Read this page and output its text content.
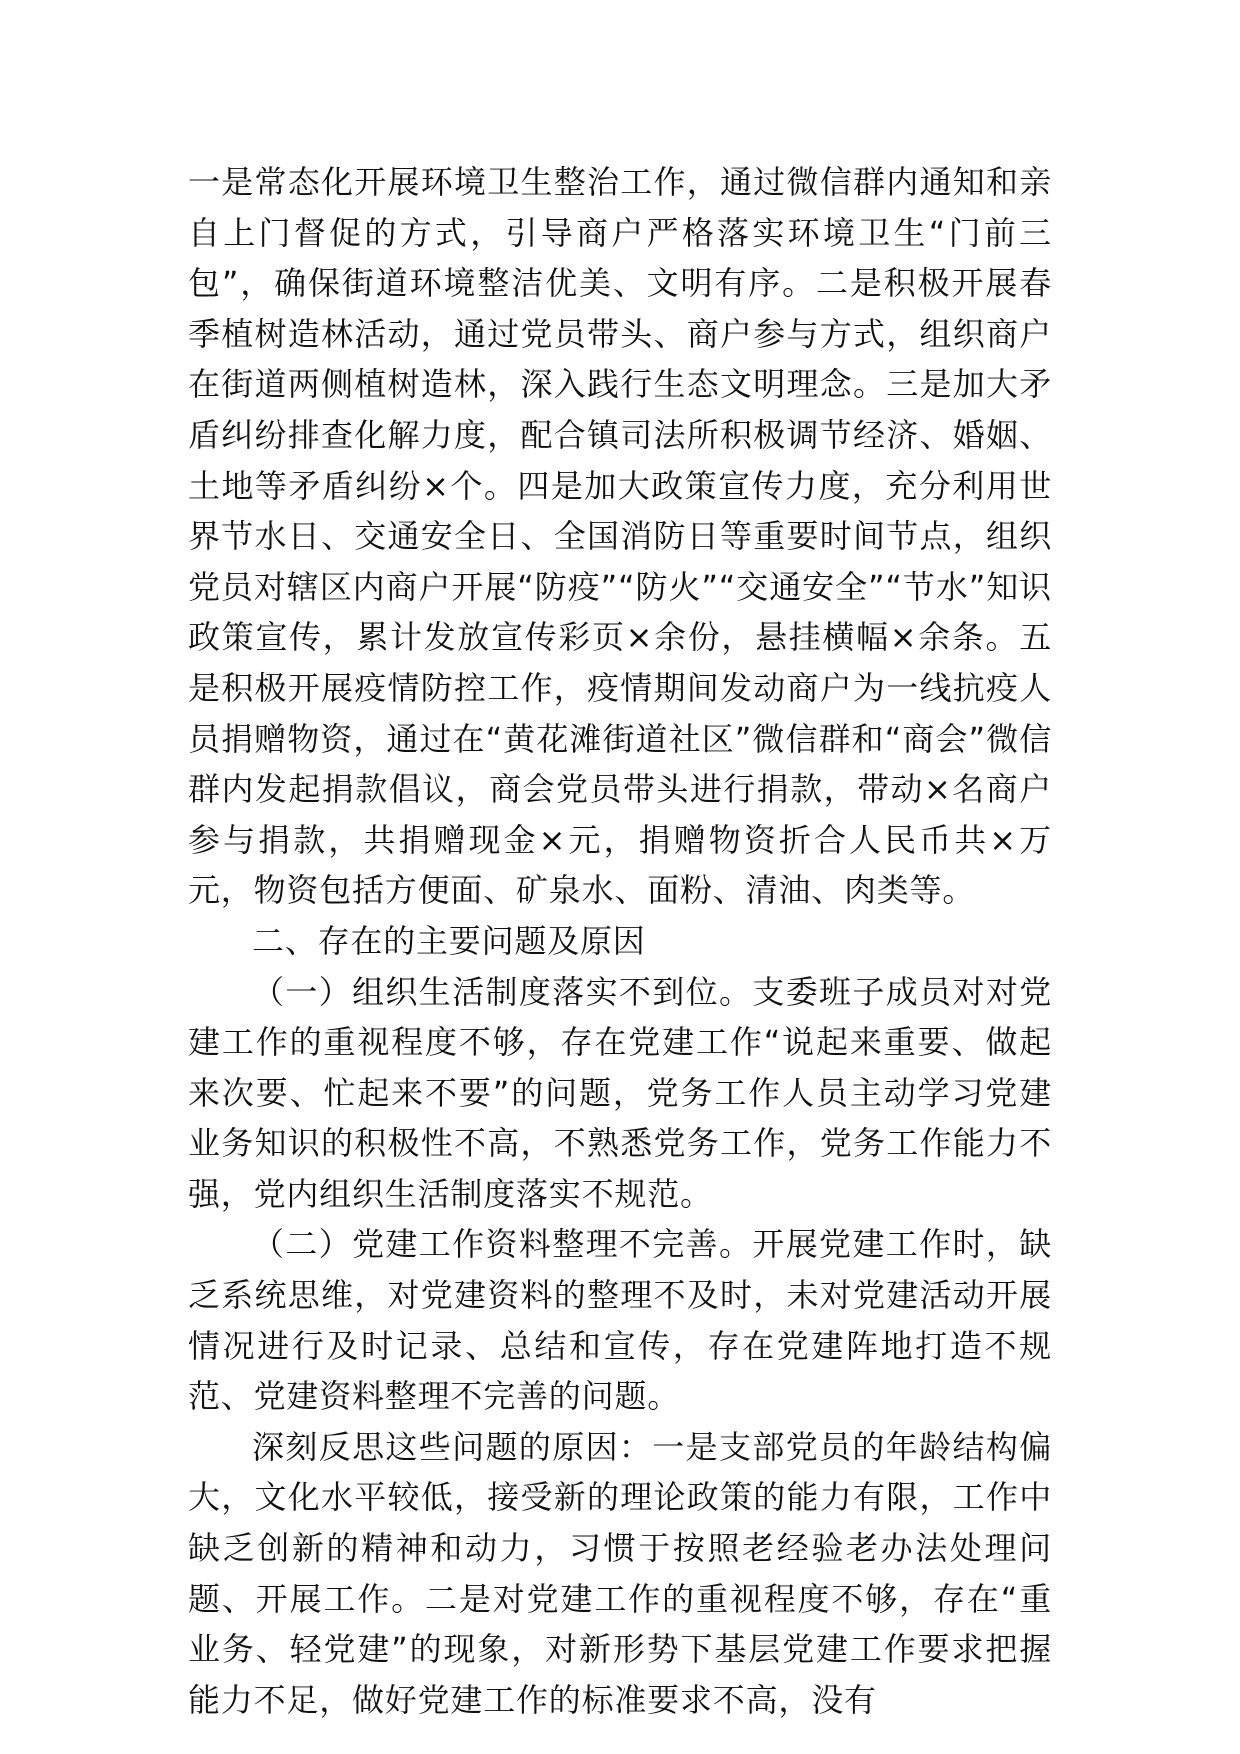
一是常态化开展环境卫生整治工作，通过微信群内通知和亲自上门督促的方式，引导商户严格落实环境卫生“门前三包”，确保街道环境整洁优美、文明有序。二是积极开展春季植树造林活动，通过党员带头、商户参与方式，组织商户在街道两侧植树造林，深入践行生态文明理念。三是加大矛盾纠纷排查化解力度，配合镇司法所积极调节经济、婚姻、土地等矛盾纠纷×个。四是加大政策宣传力度，充分利用世界节水日、交通安全日、全国消防日等重要时间节点，组织党员对辖区内商户开展“防疫”“防火”“交通安全”“节水”知识政策宣传，累计发放宣传彩页×余份，悬挂横幅×余条。五是积极开展疫情防控工作，疫情期间发动商户为一线抗疫人员捐赠物资，通过在“黄花滩街道社区”微信群和“商会”微信群内发起捐款倡议，商会党员带头进行捐款，带动×名商户参与捐款，共捐赠现金×元，捐赠物资折合人民币共×万元，物资包括方便面、矿泉水、面粉、清油、肉类等。

二、存在的主要问题及原因

（一）组织生活制度落实不到位。支委班子成员对对党建工作的重视程度不够，存在党建工作“说起来重要、做起来次要、忙起来不要”的问题，党务工作人员主动学习党建业务知识的积极性不高，不熟悉党务工作，党务工作能力不强，党内组织生活制度落实不规范。

（二）党建工作资料整理不完善。开展党建工作时，缺乏系统思维，对党建资料的整理不及时，未对党建活动开展情况进行及时记录、总结和宣传，存在党建阵地打造不规范、党建资料整理不完善的问题。

深刻反思这些问题的原因：一是支部党员的年龄结构偏大，文化水平较低，接受新的理论政策的能力有限，工作中缺乏创新的精神和动力，习惯于按照老经验老办法处理问题、开展工作。二是对党建工作的重视程度不够，存在“重业务、轻党建”的现象，对新形势下基层党建工作要求把握能力不足，做好党建工作的标准要求不高，没有
